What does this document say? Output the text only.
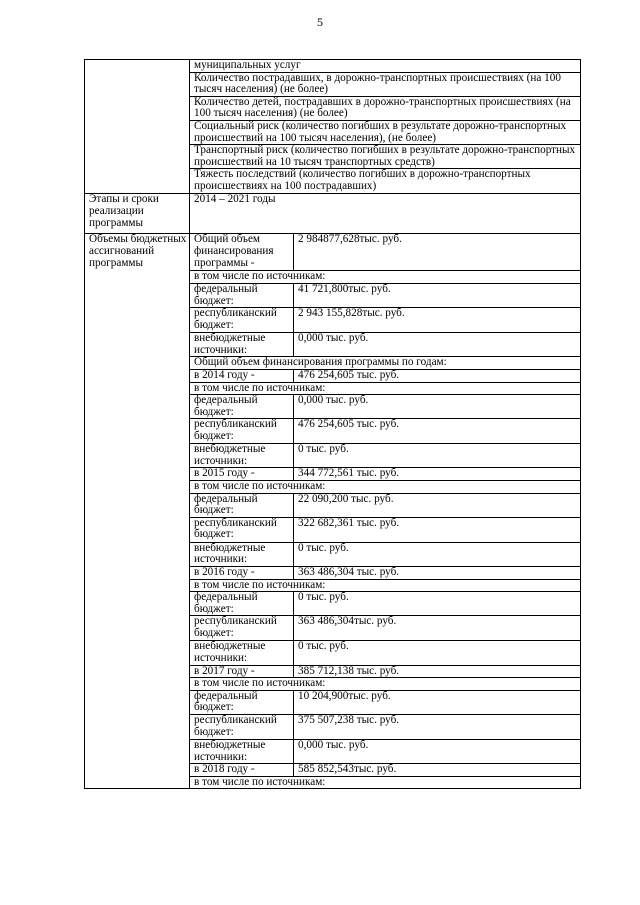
5
	муниципальных услуг	
	Количество пострадавших, в дорожно-транспортных происшествиях (на 100 тысяч населения) (не более)	
	Количество детей, пострадавших в дорожно-транспортных происшествиях (на 100 тысяч населения) (не более)	
	Социальный риск (количество погибших в результате дорожно-транспортных происшествий на 100 тысяч населения), (не более)	
	Транспортный риск (количество погибших в результате дорожно-транспортных происшествий на 10 тысяч транспортных средств)	
	Тяжесть последствий (количество погибших в дорожно-транспортных происшествиях на 100 пострадавших)	
Этапы и сроки реализации программы	2014 – 2021 годы	
Объемы бюджетных ассигнований программы	Общий объем финансирования программы -	2 984877,628тыс. руб.
	в том числе по источникам:	
	федеральный бюджет:	41 721,800тыс. руб.
	республиканский бюджет:	2 943 155,828тыс. руб.
	внебюджетные источники:	0,000 тыс. руб.
	Общий объем финансирования программы по годам:	
	в 2014 году -	476 254,605 тыс. руб.
	в том числе по источникам:	
	федеральный бюджет:	0,000 тыс. руб.
	республиканский бюджет:	476 254,605 тыс. руб.
	внебюджетные источники:	0 тыс. руб.
	в 2015 году -	344 772,561 тыс. руб.
	в том числе по источникам:	
	федеральный бюджет:	22 090,200 тыс. руб.
	республиканский бюджет:	322 682,361 тыс. руб.
	внебюджетные источники:	0 тыс. руб.
	в 2016 году -	363 486,304 тыс. руб.
	в том числе по источникам:	
	федеральный бюджет:	0 тыс. руб.
	республиканский бюджет:	363 486,304тыс. руб.
	внебюджетные источники:	0 тыс. руб.
	в 2017 году -	385 712,138 тыс. руб.
	в том числе по источникам:	
	федеральный бюджет:	10 204,900тыс. руб.
	республиканский бюджет:	375 507,238 тыс. руб.
	внебюджетные источники:	0,000 тыс. руб.
	в 2018 году -	585 852,543тыс. руб.
	в том числе по источникам:	
